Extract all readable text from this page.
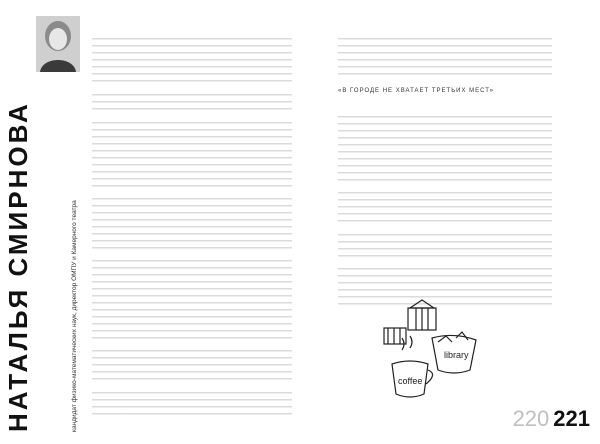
НАТАЛЬЯ СМИРНОВА	кандидат физико-математических наук, директор ОМПУ и Камерного театра
«В ГОРОДЕ НЕ ХВАТАЕТ ТРЕТЬИХ МЕСТ»
library
coffee
220 221
